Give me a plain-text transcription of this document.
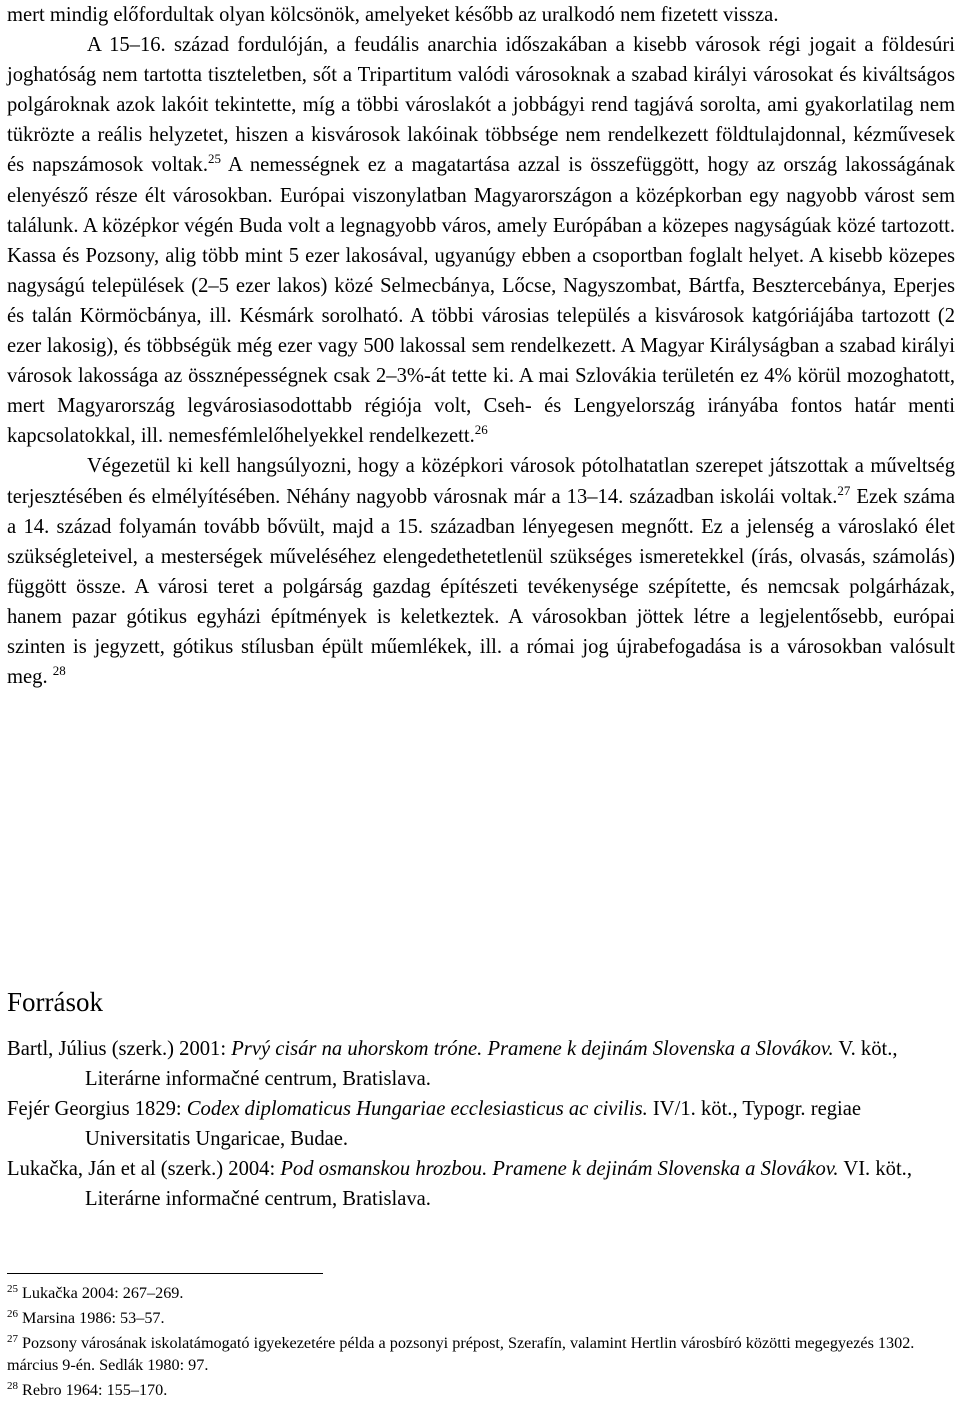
mert mindig előfordultak olyan kölcsönök, amelyeket később az uralkodó nem fizetett vissza.

A 15–16. század fordulóján, a feudális anarchia időszakában a kisebb városok régi jogait a földesúri joghatóság nem tartotta tiszteletben, sőt a Tripartitum valódi városoknak a szabad királyi városokat és kiváltságos polgároknak azok lakóit tekintette, míg a többi városlakót a jobbágyi rend tagjává sorolta, ami gyakorlatilag nem tükrözte a reális helyzetet, hiszen a kisvárosok lakóinak többsége nem rendelkezett földtulajdonnal, kézművesek és napszámosok voltak.$^{25}$ A nemességnek ez a magatartása azzal is összefüggött, hogy az ország lakosságának elenyésző része élt városokban. Európai viszonylatban Magyarországon a középkorban egy nagyobb várost sem találunk. A középkor végén Buda volt a legnagyobb város, amely Európában a közepes nagyságúak közé tartozott. Kassa és Pozsony, alig több mint 5 ezer lakosával, ugyanúgy ebben a csoportban foglalt helyet. A kisebb közepes nagyságú települések (2–5 ezer lakos) közé Selmecbánya, Lőcse, Nagyszombat, Bártfa, Besztercebánya, Eperjes és talán Körmöcbánya, ill. Késmárk sorolható. A többi városias település a kisvárosok katgóriájába tartozott (2 ezer lakosig), és többségük még ezer vagy 500 lakossal sem rendelkezett. A Magyar Királyságban a szabad királyi városok lakossága az össznépességnek csak 2–3%-át tette ki. A mai Szlovákia területén ez 4% körül mozoghatott, mert Magyarország legvárosiasodottabb régiója volt, Cseh- és Lengyelország irányába fontos határ menti kapcsolatokkal, ill. nemesfémlelőhelyekkel rendelkezett.$^{26}$

Végezetül ki kell hangsúlyozni, hogy a középkori városok pótolhatatlan szerepet játszottak a műveltség terjesztésében és elmélyítésében. Néhány nagyobb városnak már a 13–14. században iskolái voltak.$^{27}$ Ezek száma a 14. század folyamán tovább bővült, majd a 15. században lényegesen megnőtt. Ez a jelenség a városlakó élet szükségleteivel, a mesterségek műveléséhez elengedethetetlenül szükséges ismeretekkel (írás, olvasás, számolás) függött össze. A városi teret a polgárság gazdag építészeti tevékenysége szépítette, és nemcsak polgárházak, hanem pazar gótikus egyházi építmények is keletkeztek. A városokban jöttek létre a legjelentősebb, európai szinten is jegyzett, gótikus stílusban épült műemlékek, ill. a római jog újrabefogadása is a városokban valósult meg. $^{28}$

Források

Bartl, Július (szerk.) 2001: Prvý cisár na uhorskom tróne. Pramene k dejinám Slovenska a Slovákov. V. köt., Literárne informačné centrum, Bratislava.

Fejér Georgius 1829: Codex diplomaticus Hungariae ecclesiasticus ac civilis. IV/1. köt., Typogr. regiae Universitatis Ungaricae, Budae.

Lukačka, Ján et al (szerk.) 2004: Pod osmanskou hrozbou. Pramene k dejinám Slovenska a Slovákov. VI. köt., Literárne informačné centrum, Bratislava.

$^{25}$ Lukačka 2004: 267–269.

$^{26}$ Marsina 1986: 53–57.

$^{27}$ Pozsony városának iskolatámogató igyekezetére példa a pozsonyi prépost, Szerafín, valamint Hertlin városbíró közötti megegyezés 1302. március 9-én. Sedlák 1980: 97.

$^{28}$ Rebro 1964: 155–170.
